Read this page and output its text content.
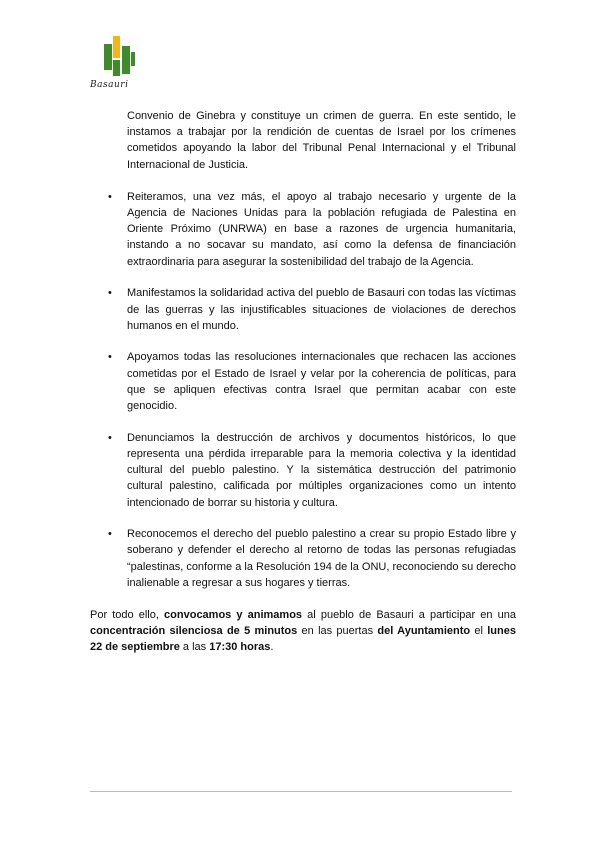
Basauri

Convenio de Ginebra y constituye un crimen de guerra. En este sentido, le instamos a trabajar por la rendición de cuentas de Israel por los crímenes cometidos apoyando la labor del Tribunal Penal Internacional y el Tribunal Internacional de Justicia.

• Reiteramos, una vez más, el apoyo al trabajo necesario y urgente de la Agencia de Naciones Unidas para la población refugiada de Palestina en Oriente Próximo (UNRWA) en base a razones de urgencia humanitaria, instando a no socavar su mandato, así como la defensa de financiación extraordinaria para asegurar la sostenibilidad del trabajo de la Agencia.
• Manifestamos la solidaridad activa del pueblo de Basauri con todas las víctimas de las guerras y las injustificables situaciones de violaciones de derechos humanos en el mundo.
• Apoyamos todas las resoluciones internacionales que rechacen las acciones cometidas por el Estado de Israel y velar por la coherencia de políticas, para que se apliquen efectivas contra Israel que permitan acabar con este genocidio.
• Denunciamos la destrucción de archivos y documentos históricos, lo que representa una pérdida irreparable para la memoria colectiva y la identidad cultural del pueblo palestino. Y la sistemática destrucción del patrimonio cultural palestino, calificada por múltiples organizaciones como un intento intencionado de borrar su historia y cultura.
• Reconocemos el derecho del pueblo palestino a crear su propio Estado libre y soberano y defender el derecho al retorno de todas las personas refugiadas “palestinas, conforme a la Resolución 194 de la ONU, reconociendo su derecho inalienable a regresar a sus hogares y tierras.

Por todo ello, convocamos y animamos al pueblo de Basauri a participar en una concentración silenciosa de 5 minutos en las puertas del Ayuntamiento el lunes 22 de septiembre a las 17:30 horas.
